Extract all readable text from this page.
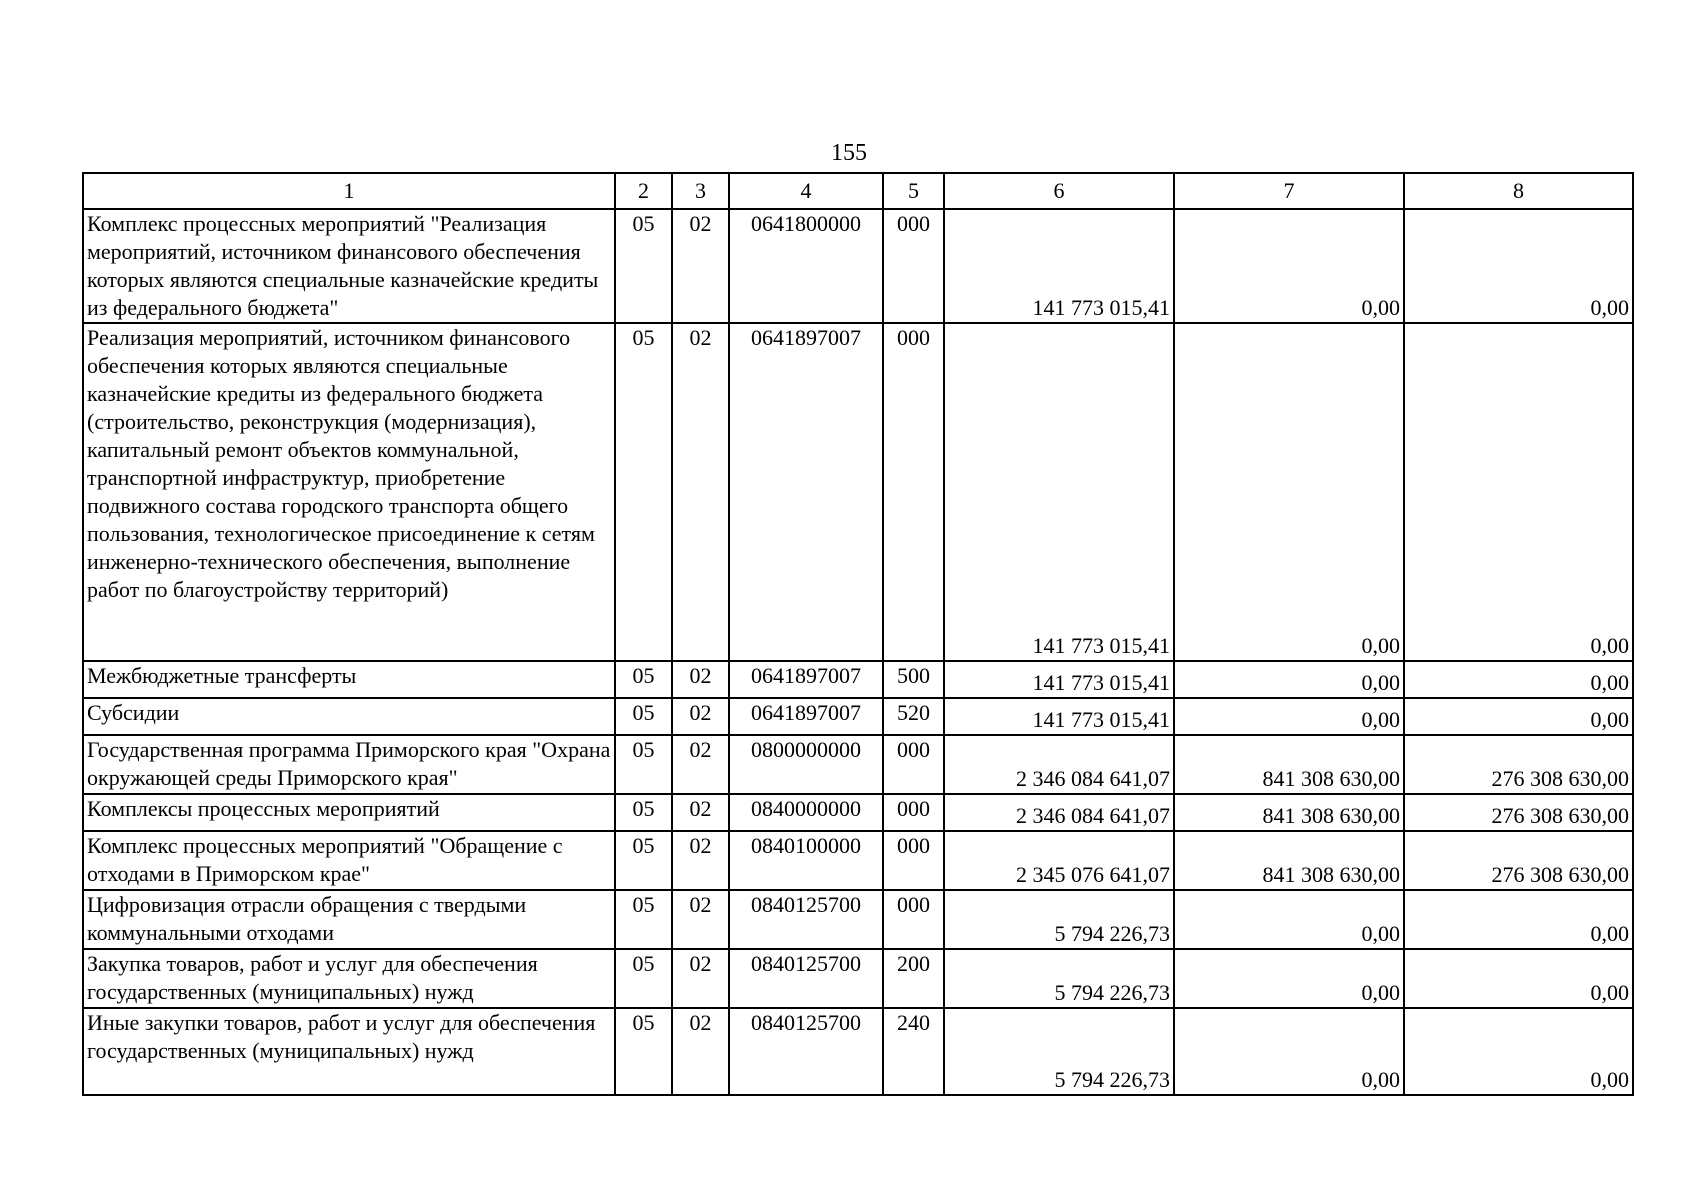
155
1	2	3	4	5	6	7	8
Комплекс процессных мероприятий "Реализация мероприятий, источником финансового обеспечения которых являются специальные казначейские кредиты из федерального бюджета"	05	02	0641800000	000	141 773 015,41	0,00	0,00
Реализация мероприятий, источником финансового обеспечения которых являются специальные казначейские кредиты из федерального бюджета (строительство, реконструкция (модернизация), капитальный ремонт объектов коммунальной, транспортной инфраструктур, приобретение подвижного состава городского транспорта общего пользования, технологическое присоединение к сетям инженерно-технического обеспечения, выполнение работ по благоустройству территорий)	05	02	0641897007	000	141 773 015,41	0,00	0,00
Межбюджетные трансферты	05	02	0641897007	500	141 773 015,41	0,00	0,00
Субсидии	05	02	0641897007	520	141 773 015,41	0,00	0,00
Государственная программа Приморского края "Охрана окружающей среды Приморского края"	05	02	0800000000	000	2 346 084 641,07	841 308 630,00	276 308 630,00
Комплексы процессных мероприятий	05	02	0840000000	000	2 346 084 641,07	841 308 630,00	276 308 630,00
Комплекс процессных мероприятий "Обращение с отходами в Приморском крае"	05	02	0840100000	000	2 345 076 641,07	841 308 630,00	276 308 630,00
Цифровизация отрасли обращения с твердыми коммунальными отходами	05	02	0840125700	000	5 794 226,73	0,00	0,00
Закупка товаров, работ и услуг для обеспечения государственных (муниципальных) нужд	05	02	0840125700	200	5 794 226,73	0,00	0,00
Иные закупки товаров, работ и услуг для обеспечения государственных (муниципальных) нужд	05	02	0840125700	240	5 794 226,73	0,00	0,00
